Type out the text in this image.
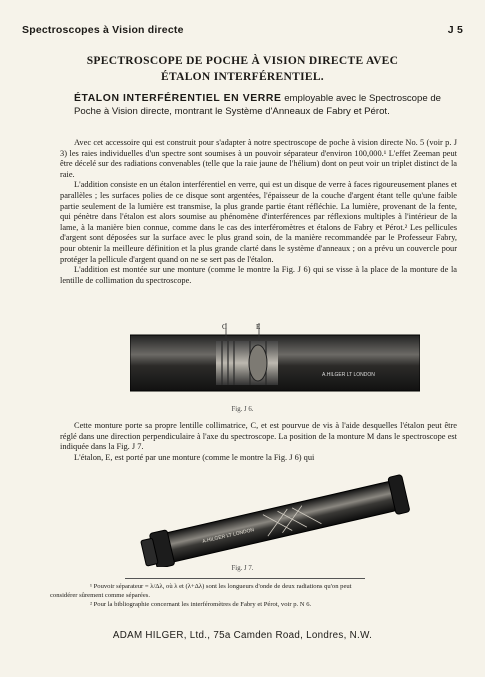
Spectroscopes à Vision directe	J 5
SPECTROSCOPE DE POCHE À VISION DIRECTE AVEC
ÉTALON INTERFÉRENTIEL.
ÉTALON INTERFÉRENTIEL EN VERRE employable avec le Spectroscope de Poche à Vision directe, montrant le Système d'Anneaux de Fabry et Pérot.

Avec cet accessoire qui est construit pour s'adapter à notre spectroscope de poche à vision directe No. 5 (voir p. J 3) les raies individuelles d'un spectre sont soumises à un pouvoir séparateur d'environ 100,000.¹ L'effet Zeeman peut être décelé sur des radiations convenables (telle que la raie jaune de l'hélium) dont on peut voir un triplet distinct de la raie.

L'addition consiste en un étalon interférentiel en verre, qui est un disque de verre à faces rigoureusement planes et parallèles ; les surfaces polies de ce disque sont argentées, l'épaisseur de la couche d'argent étant telle qu'une faible partie seulement de la lumière est transmise, la plus grande partie étant réfléchie. La lumière, provenant de la fente, qui pénètre dans l'étalon est alors soumise au phénomène d'interférences par réflexions multiples à l'intérieur de la lame, à la manière bien connue, comme dans le cas des interféromètres et étalons de Fabry et Pérot.² Les pellicules d'argent sont déposées sur la surface avec le plus grand soin, de la manière recommandée par le Professeur Fabry, pour obtenir la meilleure définition et la plus grande clarté dans le système d'anneaux ; on a prévu un couvercle pour protéger la pellicule d'argent quand on ne se sert pas de l'étalon.

L'addition est montée sur une monture (comme le montre la Fig. J 6) qui se visse à la place de la monture de la lentille de collimation du spectroscope.

C	E
A.HILGER LT LONDON
Fig. J 6.

Cette monture porte sa propre lentille collimatrice, C, et est pourvue de vis à l'aide desquelles l'étalon peut être réglé dans une direction perpendiculaire à l'axe du spectroscope. La position de la monture M dans le spectroscope est indiquée dans la Fig. J 7.

L'étalon, E, est porté par une monture (comme le montre la Fig. J 6) qui

A.HILGER LT LONDON
Fig. J 7.

¹ Pouvoir séparateur = λ/Δλ, où λ et (λ+Δλ) sont les longueurs d'onde de deux radiations qu'on peut

considérer sûrement comme séparées.

² Pour la bibliographie concernant les interféromètres de Fabry et Pérot, voir p. N 6.

ADAM HILGER, Ltd., 75a Camden Road, Londres, N.W.
